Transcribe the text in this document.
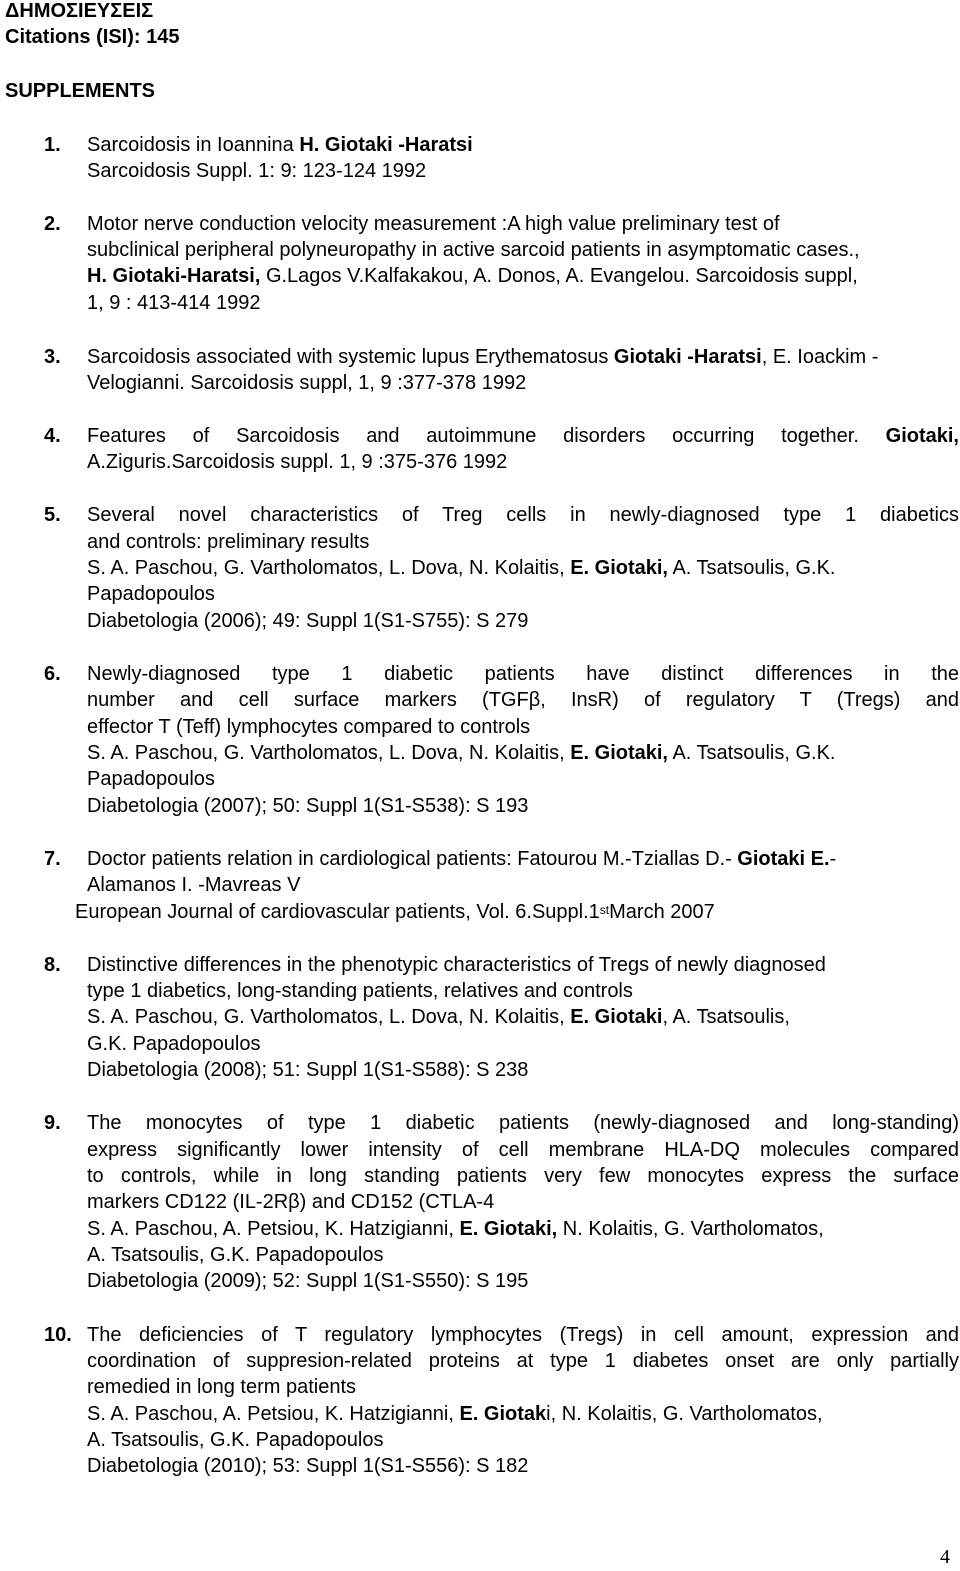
ΔΗΜΟΣΙΕΥΣΕΙΣ
Citations (ISI): 145
SUPPLEMENTS
1. Sarcoidosis in Ioannina H. Giotaki -Haratsi
Sarcoidosis Suppl. 1: 9: 123-124 1992
2. Motor nerve conduction velocity measurement :A high value preliminary test of
subclinical peripheral polyneuropathy in active sarcoid patients in asymptomatic cases.,
H. Giotaki-Haratsi, G.Lagos V.Kalfakakou, A. Donos, A. Evangelou. Sarcoidosis suppl,
1, 9 : 413-414 1992
3. Sarcoidosis associated with systemic lupus Erythematosus Giotaki -Haratsi, E. Ioackim -
Velogianni. Sarcoidosis suppl, 1, 9 :377-378 1992
4. Features of Sarcoidosis and autoimmune disorders occurring together. Giotaki,
A.Ziguris.Sarcoidosis suppl. 1, 9 :375-376 1992
5. Several novel characteristics of Treg cells in newly-diagnosed type 1 diabetics
and controls: preliminary results
S. A. Paschou, G. Vartholomatos, L. Dova, N. Kolaitis, E. Giotaki, A. Tsatsoulis, G.K.
Papadopoulos
Diabetologia (2006); 49: Suppl 1(S1-S755): S 279
6. Newly-diagnosed type 1 diabetic patients have distinct differences in the
number and cell surface markers (TGFβ, InsR) of regulatory T (Tregs) and
effector T (Teff) lymphocytes compared to controls
S. A. Paschou, G. Vartholomatos, L. Dova, N. Kolaitis, E. Giotaki, A. Tsatsoulis, G.K.
Papadopoulos
Diabetologia (2007); 50: Suppl 1(S1-S538): S 193
7. Doctor patients relation in cardiological patients: Fatourou M.-Tziallas D.- Giotaki E.-
Alamanos I. -Mavreas V
European Journal of cardiovascular patients, Vol. 6.Suppl.1stMarch 2007
8. Distinctive differences in the phenotypic characteristics of Tregs of newly diagnosed
type 1 diabetics, long-standing patients, relatives and controls
S. A. Paschou, G. Vartholomatos, L. Dova, N. Kolaitis, E. Giotaki, A. Tsatsoulis,
G.K. Papadopoulos
Diabetologia (2008); 51: Suppl 1(S1-S588): S 238
9. The monocytes of type 1 diabetic patients (newly-diagnosed and long-standing)
express significantly lower intensity of cell membrane HLA-DQ molecules compared
to controls, while in long standing patients very few monocytes express the surface
markers CD122 (IL-2Rβ) and CD152 (CTLA-4
S. A. Paschou, A. Petsiou, K. Hatzigianni, E. Giotaki, N. Kolaitis, G. Vartholomatos,
A. Tsatsoulis, G.K. Papadopoulos
Diabetologia (2009); 52: Suppl 1(S1-S550): S 195
10. The deficiencies of T regulatory lymphocytes (Tregs) in cell amount, expression and
coordination of suppresion-related proteins at type 1 diabetes onset are only partially
remedied in long term patients
S. A. Paschou, A. Petsiou, K. Hatzigianni, E. Giotaki, N. Kolaitis, G. Vartholomatos,
A. Tsatsoulis, G.K. Papadopoulos
Diabetologia (2010); 53: Suppl 1(S1-S556): S 182
4
